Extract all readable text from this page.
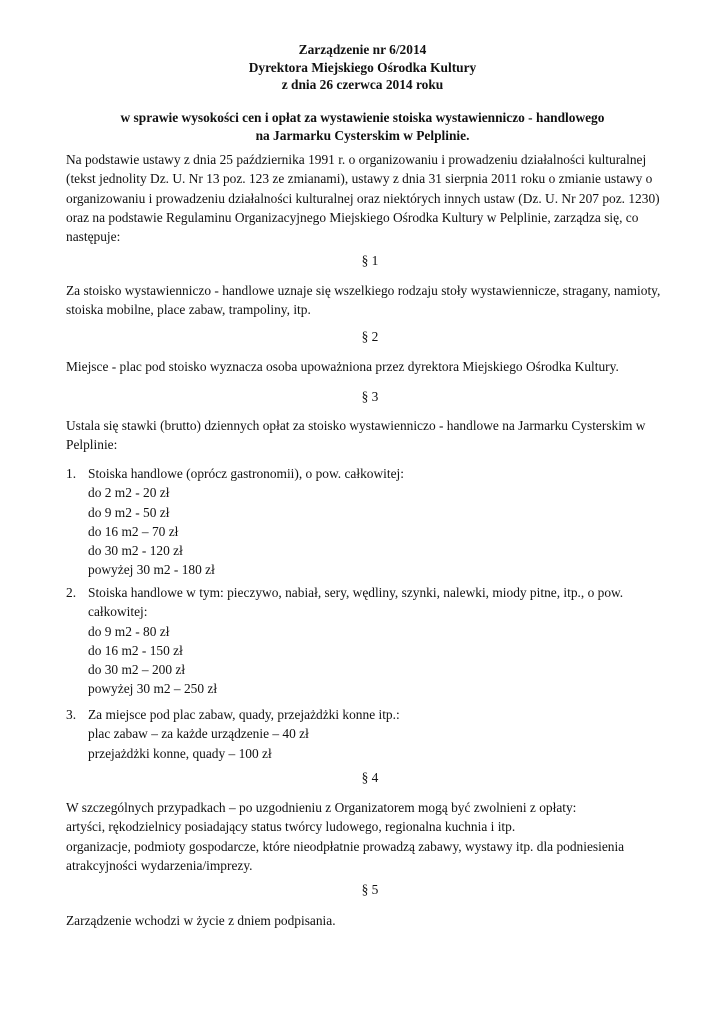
Zarządzenie nr 6/2014
Dyrektora Miejskiego Ośrodka Kultury
z dnia 26 czerwca 2014 roku
w sprawie wysokości cen i opłat za wystawienie stoiska wystawienniczo - handlowego
na Jarmarku Cysterskim w Pelplinie.
Na podstawie ustawy z dnia 25 października 1991 r. o organizowaniu i prowadzeniu działalności kulturalnej
(tekst jednolity Dz. U. Nr 13 poz. 123 ze zmianami), ustawy z dnia 31 sierpnia 2011 roku o zmianie ustawy o
organizowaniu i prowadzeniu działalności kulturalnej oraz niektórych innych ustaw (Dz. U. Nr 207 poz. 1230)
oraz na podstawie Regulaminu Organizacyjnego Miejskiego Ośrodka Kultury w Pelplinie, zarządza się, co
następuje:
§ 1
Za stoisko wystawienniczo - handlowe uznaje się wszelkiego rodzaju stoły wystawiennicze, stragany, namioty,
stoiska mobilne, place zabaw, trampoliny, itp.
§ 2
Miejsce - plac pod stoisko wyznacza osoba upoważniona przez dyrektora Miejskiego Ośrodka Kultury.
§ 3
Ustala się stawki (brutto) dziennych opłat za stoisko wystawienniczo - handlowe na Jarmarku Cysterskim w
Pelplinie:
1. Stoiska handlowe (oprócz gastronomii), o pow. całkowitej:
do 2 m2 - 20 zł
do 9 m2 - 50 zł
do 16 m2 – 70 zł
do 30 m2 - 120 zł
powyżej 30 m2 - 180 zł
2. Stoiska handlowe w tym: pieczywo, nabiał, sery, wędliny, szynki, nalewki, miody pitne, itp., o pow.
całkowitej:
do 9 m2 - 80 zł
do 16 m2 - 150 zł
do 30 m2 – 200 zł
powyżej 30 m2 – 250 zł
3. Za miejsce pod plac zabaw, quady, przejażdżki konne itp.:
plac zabaw – za każde urządzenie – 40 zł
przejażdżki konne, quady – 100 zł
§ 4
W szczególnych przypadkach – po uzgodnieniu z Organizatorem mogą być zwolnieni z opłaty:
artyści, rękodzielnicy posiadający status twórcy ludowego, regionalna kuchnia i itp.
organizacje, podmioty gospodarcze, które nieodpłatnie prowadzą zabawy, wystawy itp. dla podniesienia
atrakcyjności wydarzenia/imprezy.
§ 5
Zarządzenie wchodzi w życie z dniem podpisania.
